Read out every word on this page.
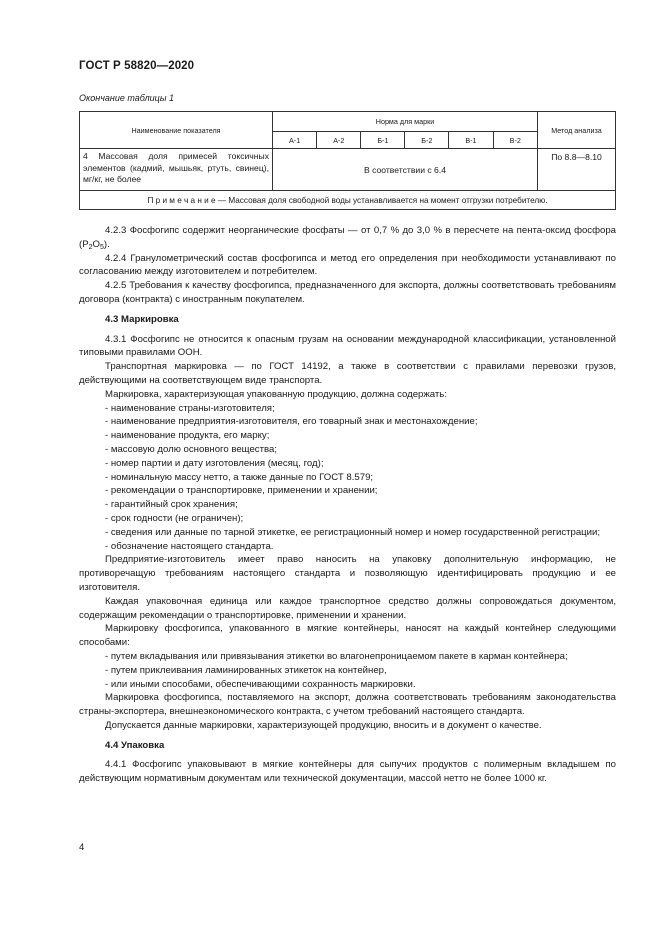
ГОСТ Р 58820—2020
Окончание таблицы 1
Наименование показателя	Норма для марки						Метод анализа
	А-1	А-2	Б-1	Б-2	В-1	В-2	
4 Массовая доля примесей токсичных элементов (кадмий, мышьяк, ртуть, свинец), мг/кг, не более	В соответствии с 6.4						По 8.8—8.10
П р и м е ч а н и е — Массовая доля свободной воды устанавливается на момент отгрузки потребителю.							

4.2.3 Фосфогипс содержит неорганические фосфаты — от 0,7 % до 3,0 % в пересчете на пента-оксид фосфора $(P_2O_5)$.

4.2.4 Гранулометрический состав фосфогипса и метод его определения при необходимости устанавливают по согласованию между изготовителем и потребителем.

4.2.5 Требования к качеству фосфогипса, предназначенного для экспорта, должны соответствовать требованиям договора (контракта) с иностранным покупателем.

4.3 Маркировка

4.3.1 Фосфогипс не относится к опасным грузам на основании международной классификации, установленной типовыми правилами ООН.

Транспортная маркировка — по ГОСТ 14192, а также в соответствии с правилами перевозки грузов, действующими на соответствующем виде транспорта.

Маркировка, характеризующая упакованную продукцию, должна содержать:

- наименование страны-изготовителя;

- наименование предприятия-изготовителя, его товарный знак и местонахождение;

- наименование продукта, его марку;

- массовую долю основного вещества;

- номер партии и дату изготовления (месяц, год);

- номинальную массу нетто, а также данные по ГОСТ 8.579;

- рекомендации о транспортировке, применении и хранении;

- гарантийный срок хранения;

- срок годности (не ограничен);

- сведения или данные по тарной этикетке, ее регистрационный номер и номер государственной регистрации;

- обозначение настоящего стандарта.

Предприятие-изготовитель имеет право наносить на упаковку дополнительную информацию, не противоречащую требованиям настоящего стандарта и позволяющую идентифицировать продукцию и ее изготовителя.

Каждая упаковочная единица или каждое транспортное средство должны сопровождаться документом, содержащим рекомендации о транспортировке, применении и хранении.

Маркировку фосфогипса, упакованного в мягкие контейнеры, наносят на каждый контейнер следующими способами:

- путем вкладывания или привязывания этикетки во влагонепроницаемом пакете в карман контейнера;

- путем приклеивания ламинированных этикеток на контейнер,

- или иными способами, обеспечивающими сохранность маркировки.

Маркировка фосфогипса, поставляемого на экспорт, должна соответствовать требованиям законодательства страны-экспортера, внешнеэкономического контракта, с учетом требований настоящего стандарта.

Допускается данные маркировки, характеризующей продукцию, вносить и в документ о качестве.

4.4 Упаковка

4.4.1 Фосфогипс упаковывают в мягкие контейнеры для сыпучих продуктов с полимерным вкладышем по действующим нормативным документам или технической документации, массой нетто не более 1000 кг.

4
